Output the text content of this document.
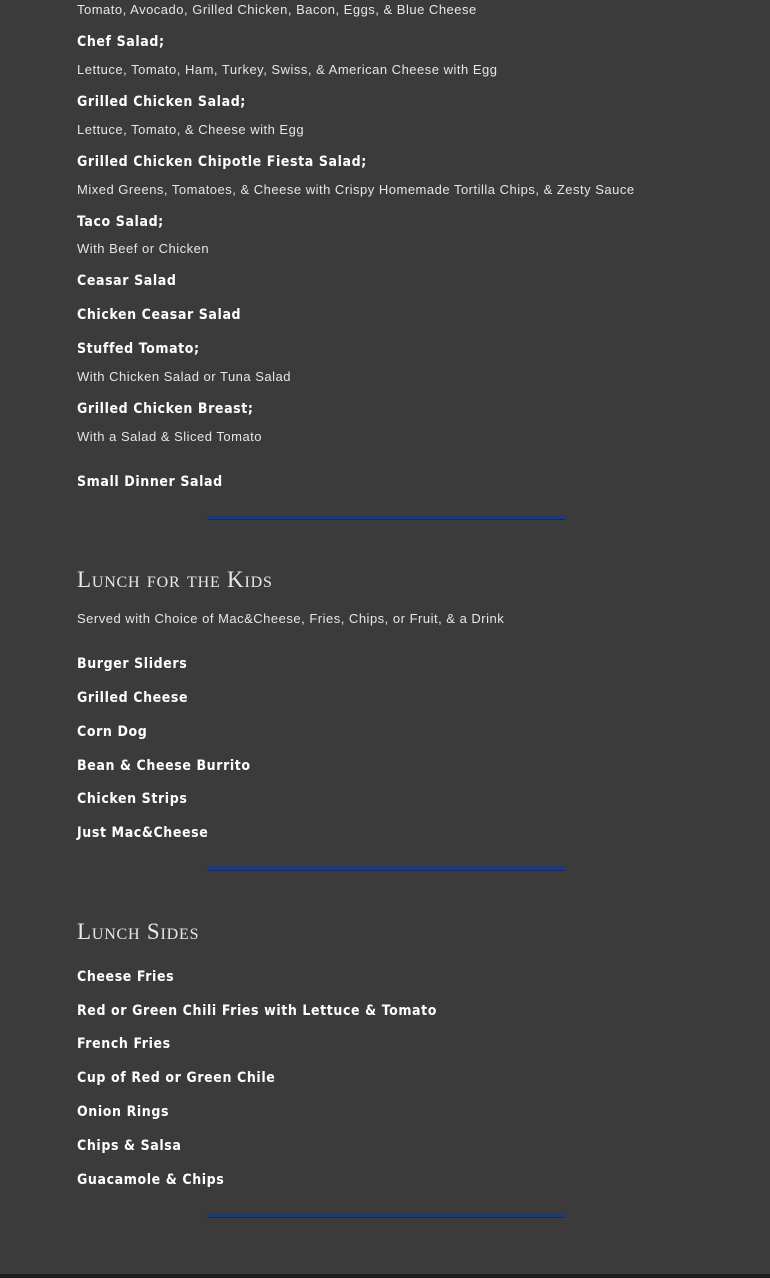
Tomato, Avocado, Grilled Chicken, Bacon, Eggs, & Blue Cheese
Chef Salad;
Lettuce, Tomato, Ham, Turkey, Swiss, & American Cheese with Egg
Grilled Chicken Salad;
Lettuce, Tomato, & Cheese with Egg
Grilled Chicken Chipotle Fiesta Salad;
Mixed Greens, Tomatoes, & Cheese with Crispy Homemade Tortilla Chips, & Zesty Sauce
Taco Salad;
With Beef or Chicken
Ceasar Salad
Chicken Ceasar Salad
Stuffed Tomato;
With Chicken Salad or Tuna Salad
Grilled Chicken Breast;
With a Salad & Sliced Tomato
Small Dinner Salad
Lunch for the Kids
Served with Choice of Mac&Cheese, Fries, Chips, or Fruit, & a Drink
Burger Sliders
Grilled Cheese
Corn Dog
Bean & Cheese Burrito
Chicken Strips
Just Mac&Cheese
Lunch Sides
Cheese Fries
Red or Green Chili Fries with Lettuce & Tomato
French Fries
Cup of Red or Green Chile
Onion Rings
Chips & Salsa
Guacamole & Chips
